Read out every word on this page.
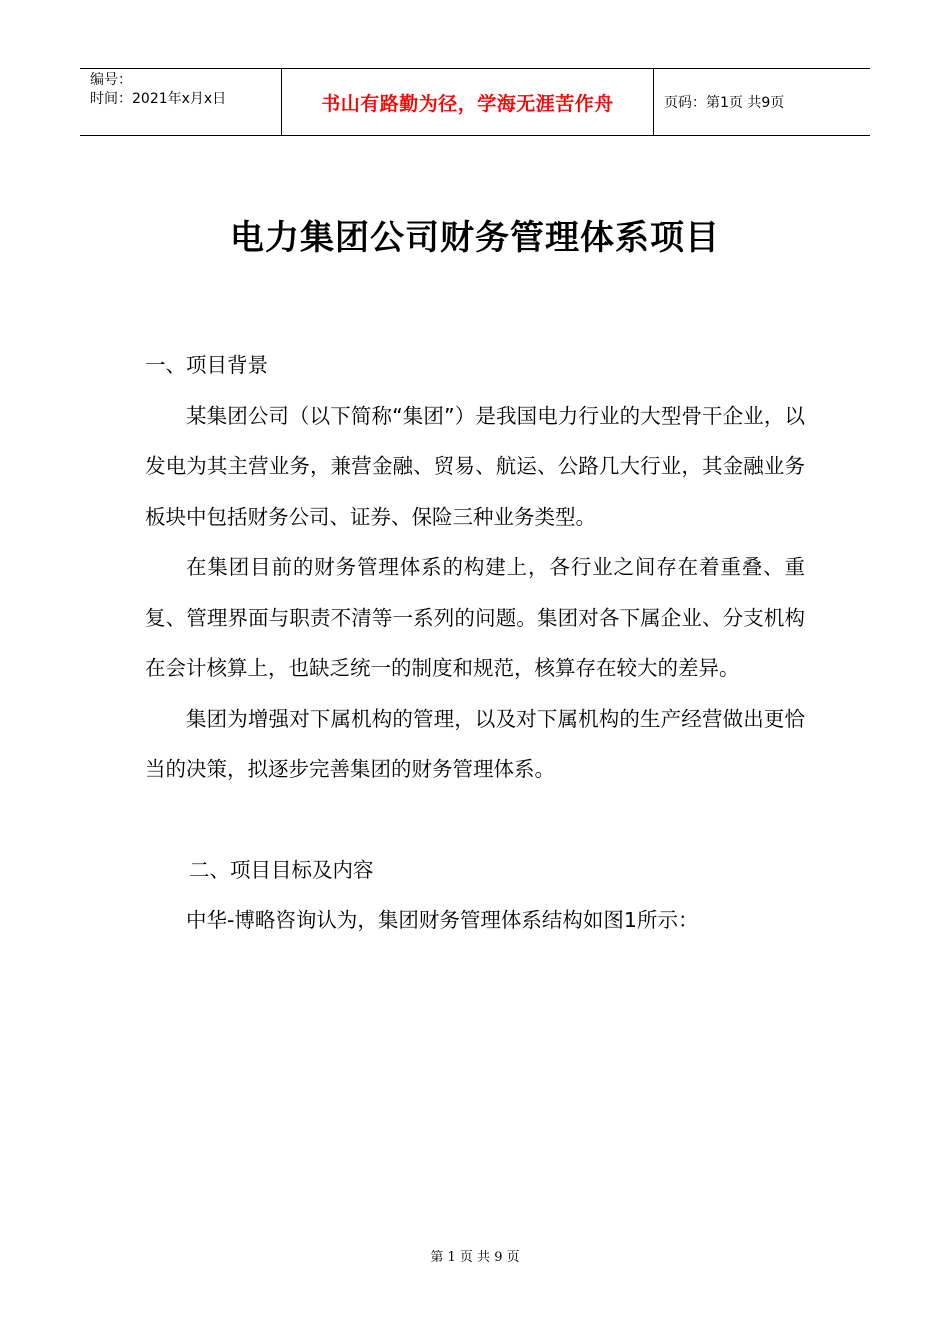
编号：
时间：2021年x月x日	书山有路勤为径，学海无涯苦作舟	页码：第1页 共9页
电力集团公司财务管理体系项目

一、项目背景

某集团公司（以下简称“集团”）是我国电力行业的大型骨干企业，以发电为其主营业务，兼营金融、贸易、航运、公路几大行业，其金融业务板块中包括财务公司、证券、保险三种业务类型。

在集团目前的财务管理体系的构建上，各行业之间存在着重叠、重复、管理界面与职责不清等一系列的问题。集团对各下属企业、分支机构在会计核算上，也缺乏统一的制度和规范，核算存在较大的差异。

集团为增强对下属机构的管理，以及对下属机构的生产经营做出更恰当的决策，拟逐步完善集团的财务管理体系。

二、项目目标及内容

中华-博略咨询认为，集团财务管理体系结构如图1所示：

第 1 页 共 9 页
